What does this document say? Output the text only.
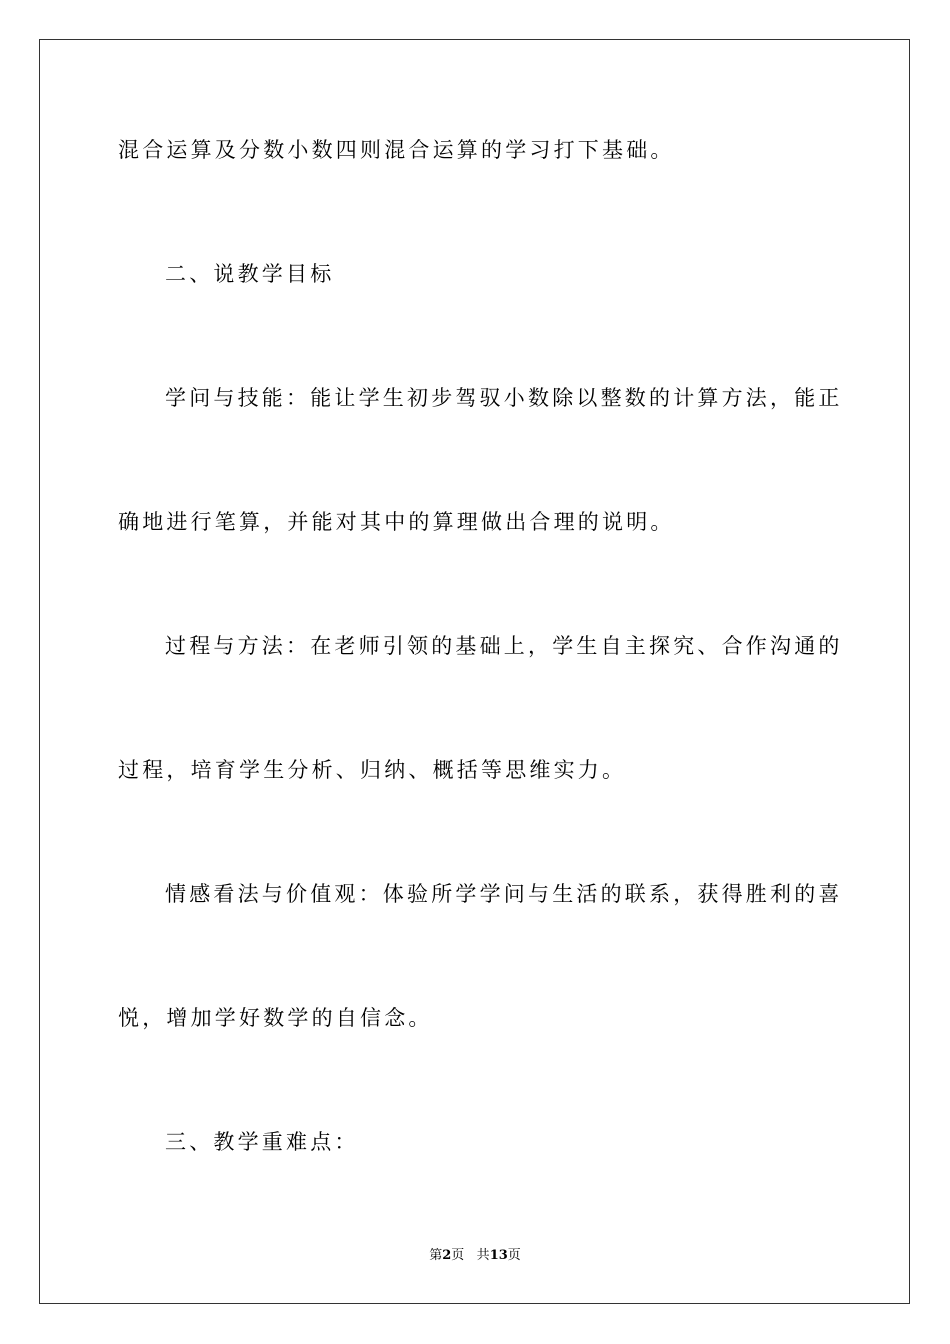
混合运算及分数小数四则混合运算的学习打下基础。
二、说教学目标
学问与技能：能让学生初步驾驭小数除以整数的计算方法，能正
确地进行笔算，并能对其中的算理做出合理的说明。
过程与方法：在老师引领的基础上，学生自主探究、合作沟通的
过程，培育学生分析、归纳、概括等思维实力。
情感看法与价值观：体验所学学问与生活的联系，获得胜利的喜
悦，增加学好数学的自信念。
三、教学重难点：
第2页 共13页
